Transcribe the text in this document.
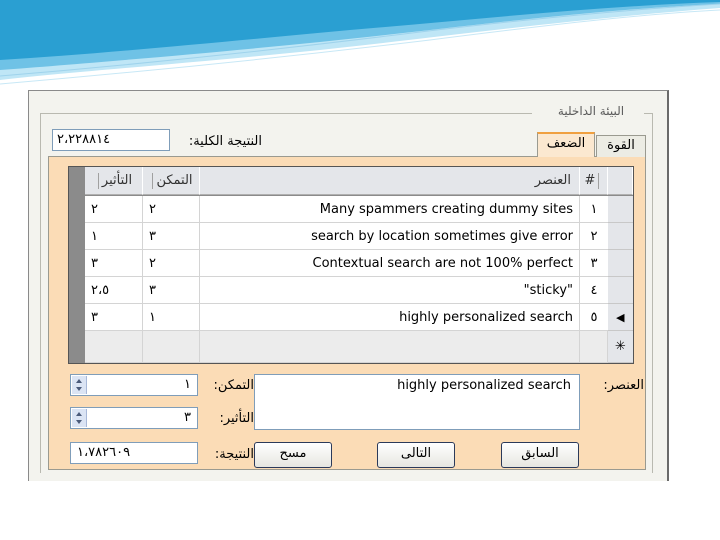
البيئة الداخلية
النتيجة الكلية:
٢،٢٢٨٨١٤	القوة
الضعف
التأثير	التمكن	العنصر	#
٢	٢	Many spammers creating dummy sites	١
١	٣	search by location sometimes give error	٢
٣	٢	Contextual search are not 100% perfect	٣
٢،٥	٣	"sticky"	٤
٣	١	highly personalized search	٥	▶
✳
العنصر:
highly personalized search
التمكن:
١
التأثير:
٣
النتيجة:
١،٧٨٢٦٠٩	مسح	التالى	السابق
